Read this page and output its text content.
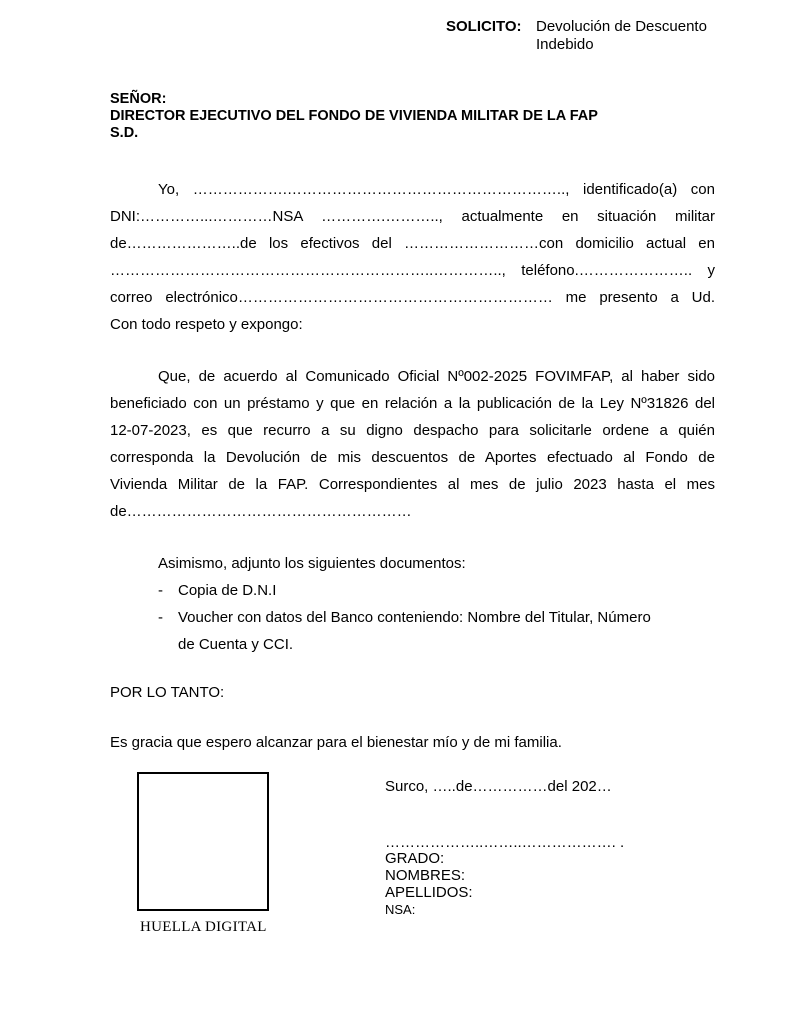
SOLICITO: Devolución de Descuento
Indebido
SEÑOR:
DIRECTOR EJECUTIVO DEL FONDO DE VIVIENDA MILITAR DE LA FAP
S.D.
Yo, ……………….……………………………………………….., identificado(a) con
DNI:…………...…………NSA ………….……….., actualmente en situación militar
de…………………..de los efectivos del ………………………con domicilio actual en
………………………………………………………..………….., teléfono.………………….. y
correo electrónico……………………………………………………… me presento a Ud.
Con todo respeto y expongo:
Que, de acuerdo al Comunicado Oficial Nº002-2025 FOVIMFAP, al haber sido
beneficiado con un préstamo y que en relación a la publicación de la Ley Nº31826 del
12-07-2023, es que recurro a su digno despacho para solicitarle ordene a quién
corresponda la Devolución de mis descuentos de Aportes efectuado al Fondo de
Vivienda Militar de la FAP. Correspondientes al mes de julio 2023 hasta el mes
de…………………………………………………
Asimismo, adjunto los siguientes documentos:
- Copia de D.N.I
- Voucher con datos del Banco conteniendo: Nombre del Titular, Número
de Cuenta y CCI.
POR LO TANTO:
Es gracia que espero alcanzar para el bienestar mío y de mi familia.
HUELLA DIGITAL
Surco, …..de……………del 202…
………………..……..………………. .
GRADO:
NOMBRES:
APELLIDOS:
NSA:
